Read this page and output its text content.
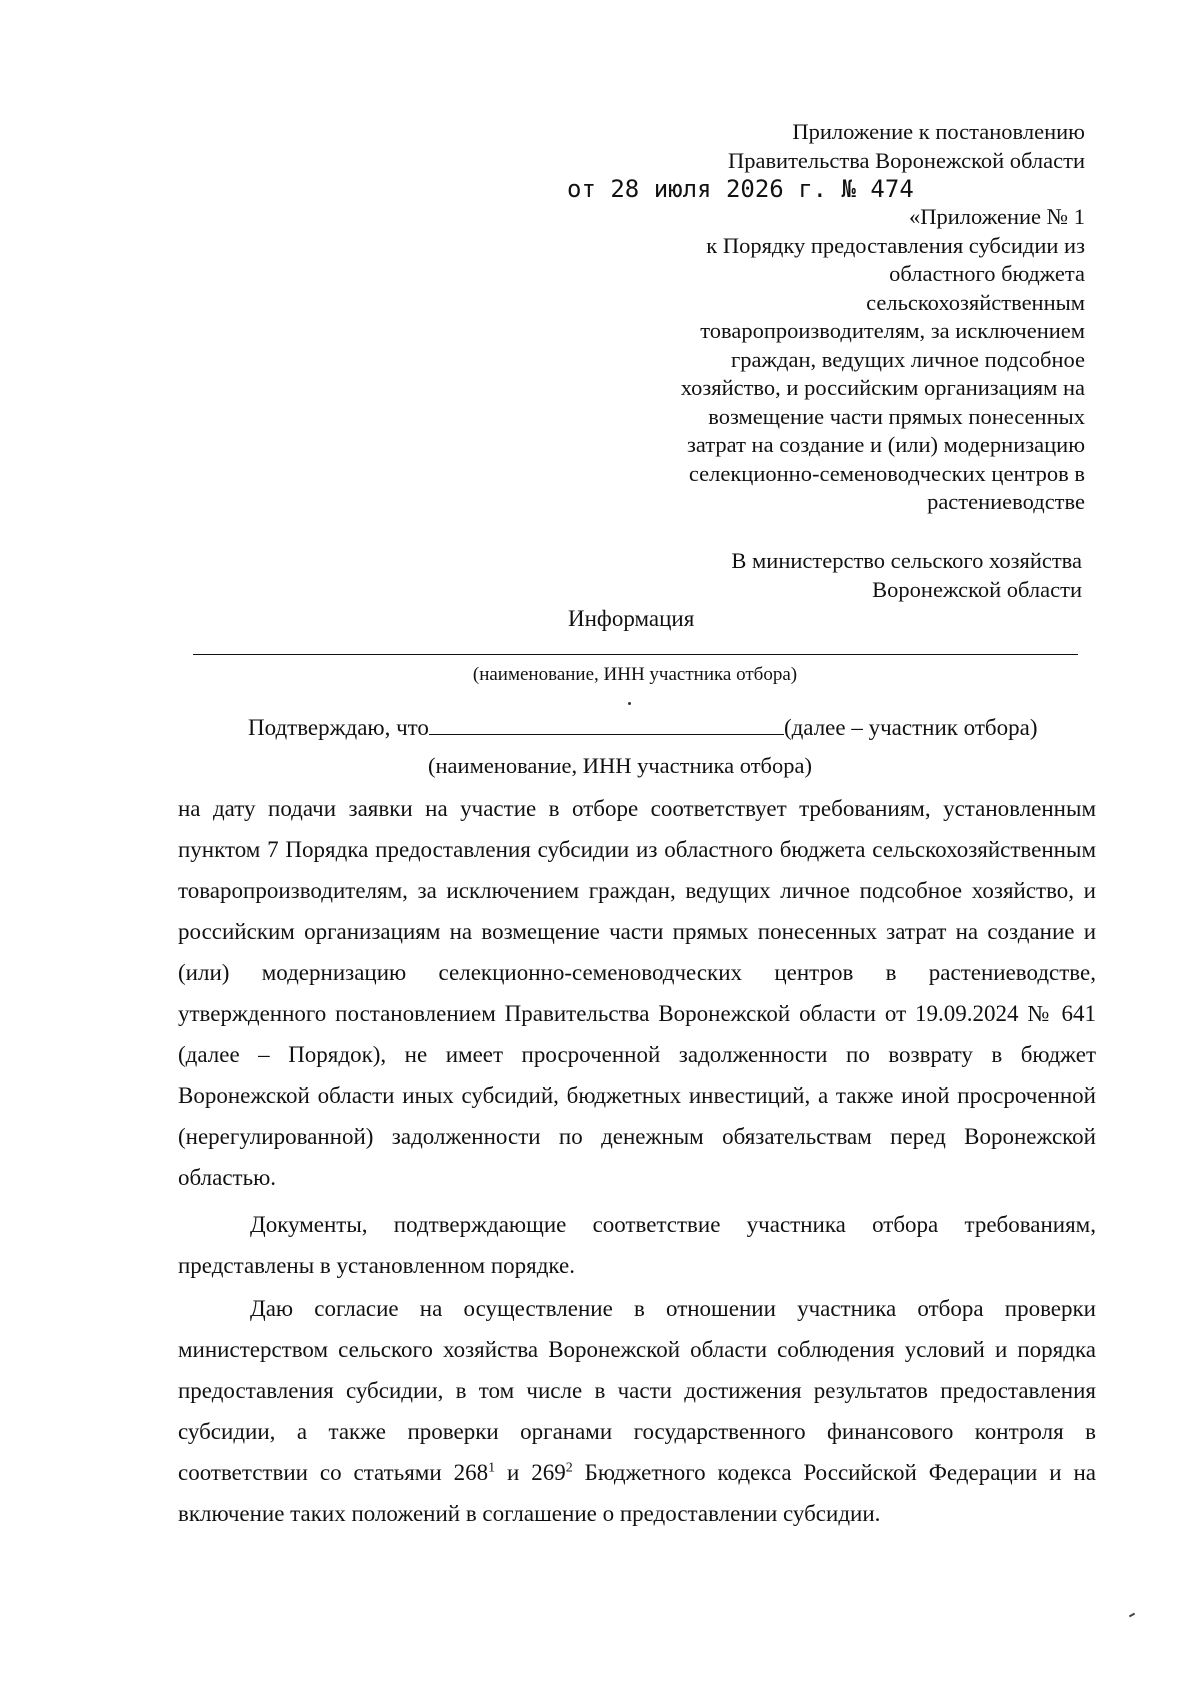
Приложение к постановлению
Правительства Воронежской области
от 28 июля 2026 г. № 474
«Приложение № 1
к Порядку предоставления субсидии из
областного бюджета
сельскохозяйственным
товаропроизводителям, за исключением
граждан, ведущих личное подсобное
хозяйство, и российским организациям на
возмещение части прямых понесенных
затрат на создание и (или) модернизацию
селекционно-семеноводческих центров в
растениеводстве
В министерство сельского хозяйства
Воронежской области
Информация
(наименование, ИНН участника отбора)
Подтверждаю, что	(далее – участник отбора)
(наименование, ИНН участника отбора)
на дату подачи заявки на участие в отборе соответствует требованиям, установленным пунктом 7 Порядка предоставления субсидии из областного бюджета сельскохозяйственным товаропроизводителям, за исключением граждан, ведущих личное подсобное хозяйство, и российским организациям на возмещение части прямых понесенных затрат на создание и (или) модернизацию селекционно-семеноводческих центров в растениеводстве, утвержденного постановлением Правительства Воронежской области от 19.09.2024 № 641 (далее – Порядок), не имеет просроченной задолженности по возврату в бюджет Воронежской области иных субсидий, бюджетных инвестиций, а также иной просроченной (нерегулированной) задолженности по денежным обязательствам перед Воронежской областью.
Документы, подтверждающие соответствие участника отбора требованиям, представлены в установленном порядке.
Даю согласие на осуществление в отношении участника отбора проверки министерством сельского хозяйства Воронежской области соблюдения условий и порядка предоставления субсидии, в том числе в части достижения результатов предоставления субсидии, а также проверки органами государственного финансового контроля в соответствии со статьями $268^1$ и $269^2$ Бюджетного кодекса Российской Федерации и на включение таких положений в соглашение о предоставлении субсидии.
